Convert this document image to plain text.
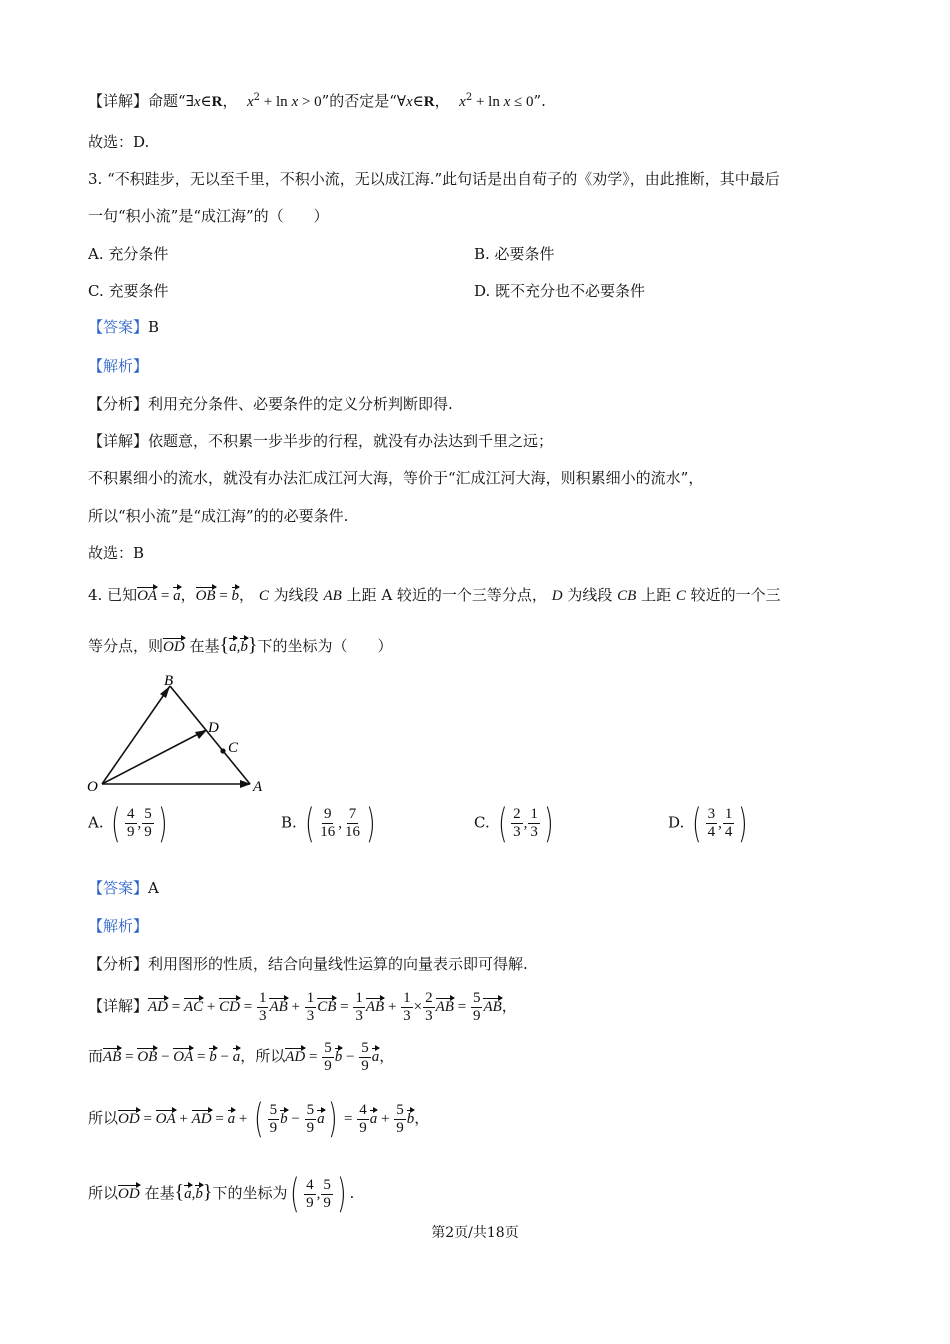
【详解】命题“∃x∈R，  $x^2 + \ln x > 0$”的否定是“∀x∈R，  $x^2 + \ln x \le 0$”.
故选：D.
3. “不积跬步，无以至千里，不积小流，无以成江海.”此句话是出自荀子的《劝学》，由此推断，其中最后
一句“积小流”是“成江海”的（　　）
A. 充分条件	B. 必要条件
C. 充要条件	D. 既不充分也不必要条件
【答案】B
【解析】
【分析】利用充分条件、必要条件的定义分析判断即得.
【详解】依题意，不积累一步半步的行程，就没有办法达到千里之远；
不积累细小的流水，就没有办法汇成江河大海，等价于“汇成江河大海，则积累细小的流水”，
所以“积小流”是“成江海”的的必要条件.
故选：B
4. 已知OA = a，OB = b， C 为线段 AB 上距 A 较近的一个三等分点， D 为线段 CB 上距 C 较近的一个三
等分点，则OD 在基{a,b}下的坐标为（　　）
B
D
C
O	A
A. ( $\frac{4}{9}$ , $\frac{5}{9}$ )	B. ( $\frac{9}{16}$ , $\frac{7}{16}$ )	C. ( $\frac{2}{3}$ , $\frac{1}{3}$ )	D. ( $\frac{3}{4}$ , $\frac{1}{4}$ )
【答案】A
【解析】
【分析】利用图形的性质，结合向量线性运算的向量表示即可得解.
【详解】AD = AC + CD = $\frac{1}{3}$ AB + $\frac{1}{3}$ CB = $\frac{1}{3}$ AB + $\frac{1}{3} \times \frac{2}{3}$ AB = $\frac{5}{9}$ AB，
而AB = OB − OA = b − a，所以AD = $\frac{5}{9}$ $b - \frac{5}{9}$ a，
所以OD = OA + AD = a + ( $\frac{5}{9}$ $b - \frac{5}{9} a) = \frac{4}{9}$ $a + \frac{5}{9}$ b，
所以OD 在基{a,b}下的坐标为( $\frac{4}{9}$ , $\frac{5}{9}$ ) .
第2页/共18页
